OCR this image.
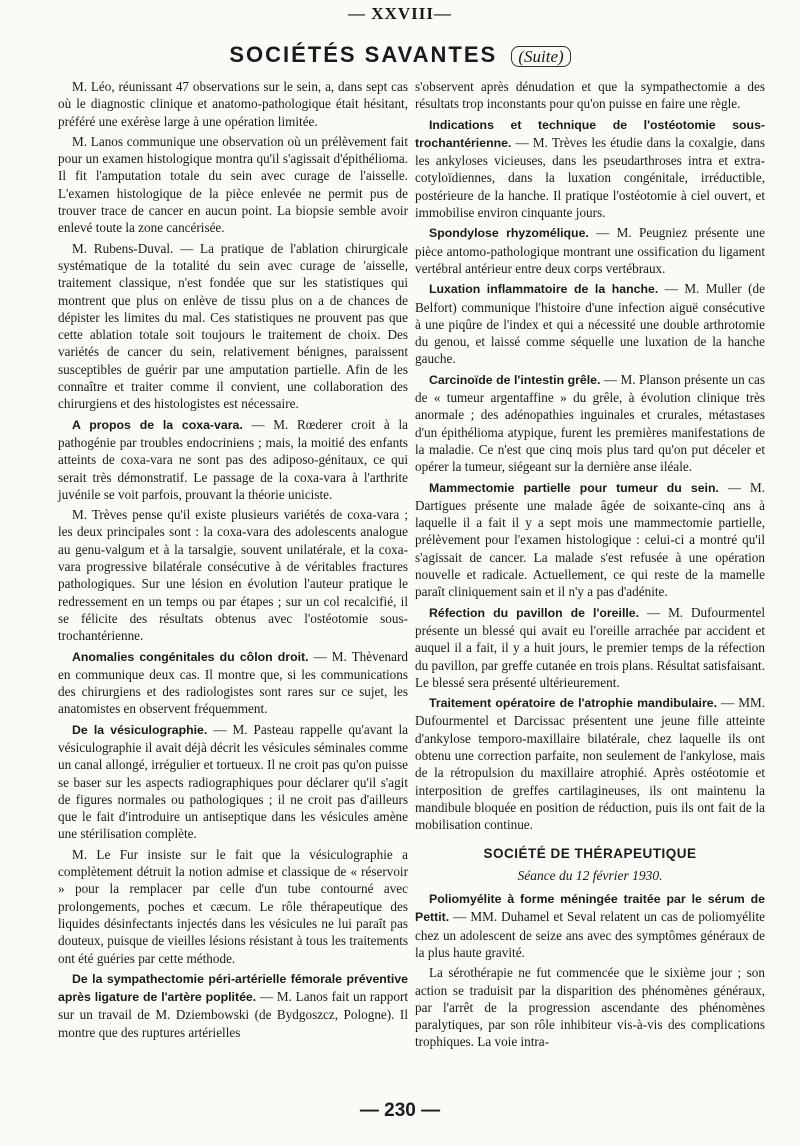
— XXVIII—
SOCIÉTÉS SAVANTES (Suite)

M. Léo, réunissant 47 observations sur le sein, a, dans sept cas où le diagnostic clinique et anatomo-pathologique était hésitant, préféré une exérèse large à une opération limitée.

M. Lanos communique une observation où un prélèvement fait pour un examen histologique montra qu'il s'agissait d'épithélioma. Il fit l'amputation totale du sein avec curage de l'aisselle. L'examen histologique de la pièce enlevée ne permit pus de trouver trace de cancer en aucun point. La biopsie semble avoir enlevé toute la zone cancérisée.

M. Rubens-Duval. — La pratique de l'ablation chirurgicale systématique de la totalité du sein avec curage de 'aisselle, traitement classique, n'est fondée que sur les statistiques qui montrent que plus on enlève de tissu plus on a de chances de dépister les limites du mal. Ces statistiques ne prouvent pas que cette ablation totale soit toujours le traitement de choix. Des variétés de cancer du sein, relativement bénignes, paraissent susceptibles de guérir par une amputation partielle. Afin de les connaître et traiter comme il convient, une collaboration des chirurgiens et des histologistes est nécessaire.

A propos de la coxa-vara. — M. Rœderer croit à la pathogénie par troubles endocriniens ; mais, la moitié des enfants atteints de coxa-vara ne sont pas des adiposo-génitaux, ce qui serait très démonstratif. Le passage de la coxa-vara à l'arthrite juvénile se voit parfois, prouvant la théorie uniciste.

M. Trèves pense qu'il existe plusieurs variétés de coxa-vara ; les deux principales sont : la coxa-vara des adolescents analogue au genu-valgum et à la tarsalgie, souvent unilatérale, et la coxa-vara progressive bilatérale consécutive à de véritables fractures pathologiques. Sur une lésion en évolution l'auteur pratique le redressement en un temps ou par étapes ; sur un col recalcifié, il se félicite des résultats obtenus avec l'ostéotomie sous-trochantérienne.

Anomalies congénitales du côlon droit. — M. Thèvenard en communique deux cas. Il montre que, si les communications des chirurgiens et des radiologistes sont rares sur ce sujet, les anatomistes en observent fréquemment.

De la vésiculographie. — M. Pasteau rappelle qu'avant la vésiculographie il avait déjà décrit les vésicules séminales comme un canal allongé, irrégulier et tortueux. Il ne croit pas qu'on puisse se baser sur les aspects radiographiques pour déclarer qu'il s'agit de figures normales ou pathologiques ; il ne croit pas d'ailleurs que le fait d'introduire un antiseptique dans les vésicules amène une stérilisation complète.

M. Le Fur insiste sur le fait que la vésiculographie a complètement détruit la notion admise et classique de « réservoir » pour la remplacer par celle d'un tube contourné avec prolongements, poches et cæcum. Le rôle thérapeutique des liquides désinfectants injectés dans les vésicules ne lui paraît pas douteux, puisque de vieilles lésions résistant à tous les traitements ont été guéries par cette méthode.

De la sympathectomie péri-artérielle fémorale préventive après ligature de l'artère poplitée. — M. Lanos fait un rapport sur un travail de M. Dziembowski (de Bydgoszcz, Pologne). Il montre que des ruptures artérielles

s'observent après dénudation et que la sympathectomie a des résultats trop inconstants pour qu'on puisse en faire une règle.

Indications et technique de l'ostéotomie sous-trochantérienne. — M. Trèves les étudie dans la coxalgie, dans les ankyloses vicieuses, dans les pseudarthroses intra et extra-cotyloïdiennes, dans la luxation congénitale, irréductible, postérieure de la hanche. Il pratique l'ostéotomie à ciel ouvert, et immobilise environ cinquante jours.

Spondylose rhyzomélique. — M. Peugniez présente une pièce antomo-pathologique montrant une ossification du ligament vertébral antérieur entre deux corps vertébraux.

Luxation inflammatoire de la hanche. — M. Muller (de Belfort) communique l'histoire d'une infection aiguë consécutive à une piqûre de l'index et qui a nécessité une double arthrotomie du genou, et laissé comme séquelle une luxation de la hanche gauche.

Carcinoïde de l'intestin grêle. — M. Planson présente un cas de « tumeur argentaffine » du grêle, à évolution clinique très anormale ; des adénopathies inguinales et crurales, métastases d'un épithélioma atypique, furent les premières manifestations de la maladie. Ce n'est que cinq mois plus tard qu'on put déceler et opérer la tumeur, siégeant sur la dernière anse iléale.

Mammectomie partielle pour tumeur du sein. — M. Dartigues présente une malade âgée de soixante-cinq ans à laquelle il a fait il y a sept mois une mammectomie partielle, prélèvement pour l'examen histologique : celui-ci a montré qu'il s'agissait de cancer. La malade s'est refusée à une opération nouvelle et radicale. Actuellement, ce qui reste de la mamelle paraît cliniquement sain et il n'y a pas d'adénite.

Réfection du pavillon de l'oreille. — M. Dufourmentel présente un blessé qui avait eu l'oreille arrachée par accident et auquel il a fait, il y a huit jours, le premier temps de la réfection du pavillon, par greffe cutanée en trois plans. Résultat satisfaisant. Le blessé sera présenté ultérieurement.

Traitement opératoire de l'atrophie mandibulaire. — MM. Dufourmentel et Darcissac présentent une jeune fille atteinte d'ankylose temporo-maxillaire bilatérale, chez laquelle ils ont obtenu une correction parfaite, non seulement de l'ankylose, mais de la rétropulsion du maxillaire atrophié. Après ostéotomie et interposition de greffes cartilagineuses, ils ont maintenu la mandibule bloquée en position de réduction, puis ils ont fait de la mobilisation continue.

SOCIÉTÉ DE THÉRAPEUTIQUE
Séance du 12 février 1930.

Poliomyélite à forme méningée traitée par le sérum de Pettit. — MM. Duhamel et Seval relatent un cas de poliomyélite chez un adolescent de seize ans avec des symptômes généraux de la plus haute gravité.

La sérothérapie ne fut commencée que le sixième jour ; son action se traduisit par la disparition des phénomènes généraux, par l'arrêt de la progression ascendante des phénomènes paralytiques, par son rôle inhibiteur vis-à-vis des complications trophiques. La voie intra-

— 230 —
